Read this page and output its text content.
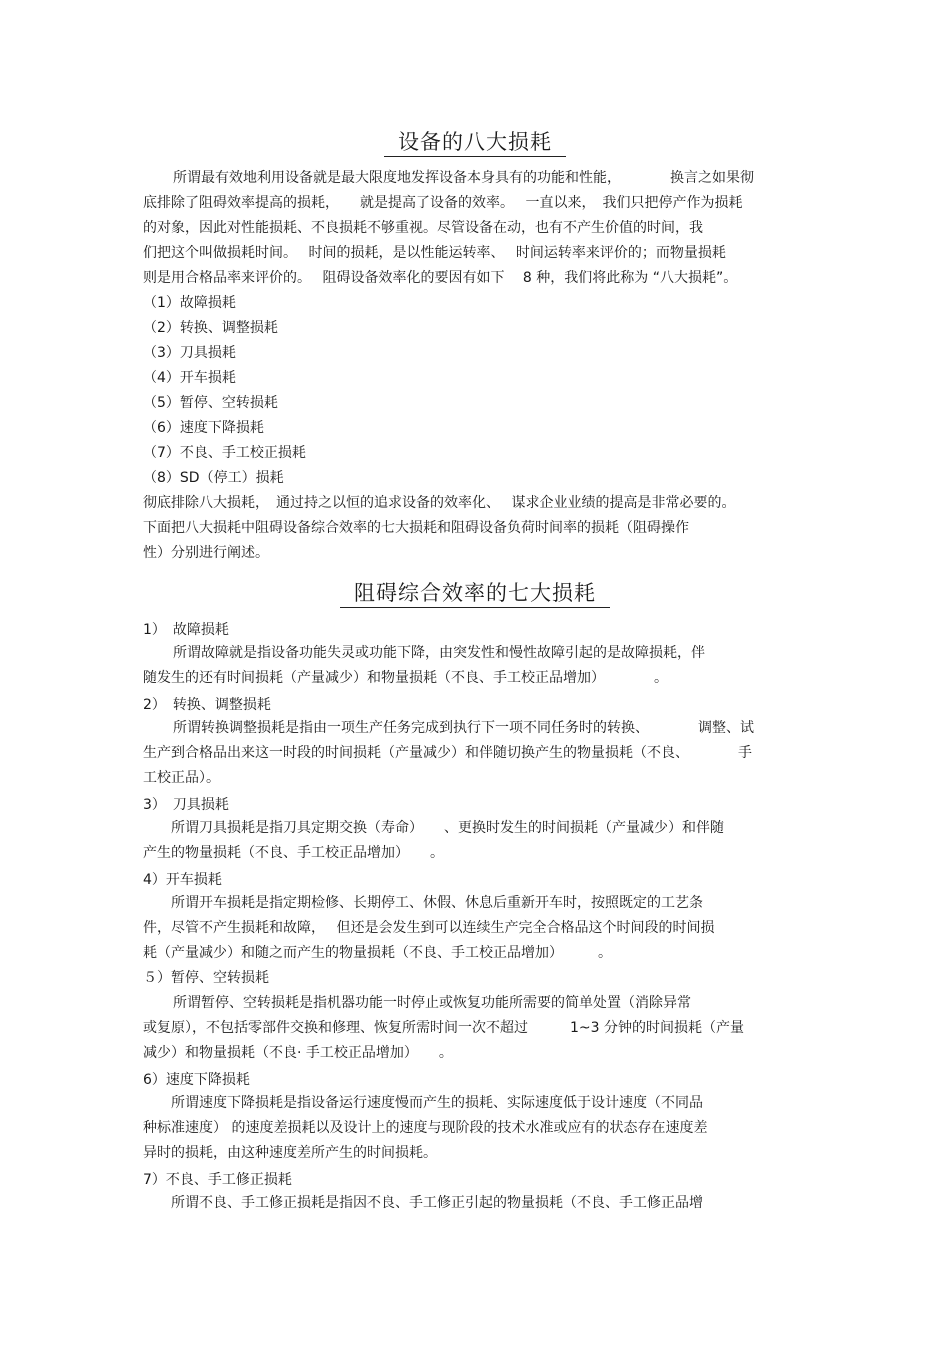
设备的八大损耗
所谓最有效地利用设备就是最大限度地发挥设备本身具有的功能和性能，　　　　换言之如果彻
底排除了阻碍效率提高的损耗，　　就是提高了设备的效率。　 一直以来，　我们只把停产作为损耗
的对象，因此对性能损耗、不良损耗不够重视。尽管设备在动，也有不产生价值的时间，我
们把这个叫做损耗时间。　 时间的损耗，是以性能运转率、　 时间运转率来评价的；而物量损耗
则是用合格品率来评价的。　 阻碍设备效率化的要因有如下　 8 种，我们将此称为 “八大损耗”。
（1）故障损耗
（2）转换、调整损耗
（3）刀具损耗
（4）开车损耗
（5）暂停、空转损耗
（6）速度下降损耗
（7）不良、手工校正损耗
（8）SD（停工）损耗
彻底排除八大损耗，　通过持之以恒的追求设备的效率化、　 谋求企业业绩的提高是非常必要的。
下面把八大损耗中阻碍设备综合效率的七大损耗和阻碍设备负荷时间率的损耗（阻碍操作
性）分别进行阐述。
阻碍综合效率的七大损耗
1）　故障损耗
所谓故障就是指设备功能失灵或功能下降，由突发性和慢性故障引起的是故障损耗，伴
随发生的还有时间损耗（产量减少）和物量损耗（不良、手工校正品增加）　　　　。
2）　转换、调整损耗
所谓转换调整损耗是指由一项生产任务完成到执行下一项不同任务时的转换、　　　　调整、试
生产到合格品出来这一时段的时间损耗（产量减少）和伴随切换产生的物量损耗（不良、　　　　手
工校正品）。
3）　刀具损耗
所谓刀具损耗是指刀具定期交换（寿命）　　、更换时发生的时间损耗（产量减少）和伴随
产生的物量损耗（不良、手工校正品增加）　　。
4）开车损耗
所谓开车损耗是指定期检修、长期停工、休假、休息后重新开车时，按照既定的工艺条
件，尽管不产生损耗和故障，　 但还是会发生到可以连续生产完全合格品这个时间段的时间损
耗（产量减少）和随之而产生的物量损耗（不良、手工校正品增加）　　　。
５）暂停、空转损耗
所谓暂停、空转损耗是指机器功能一时停止或恢复功能所需要的简单处置（消除异常
或复原），不包括零部件交换和修理、恢复所需时间一次不超过　　　1~3 分钟的时间损耗（产量
减少）和物量损耗（不良· 手工校正品增加）　　。
6）速度下降损耗
所谓速度下降损耗是指设备运行速度慢而产生的损耗、实际速度低于设计速度（不同品
种标准速度） 的速度差损耗以及设计上的速度与现阶段的技术水准或应有的状态存在速度差
异时的损耗，由这种速度差所产生的时间损耗。
7）不良、手工修正损耗
所谓不良、手工修正损耗是指因不良、手工修正引起的物量损耗（不良、手工修正品增
